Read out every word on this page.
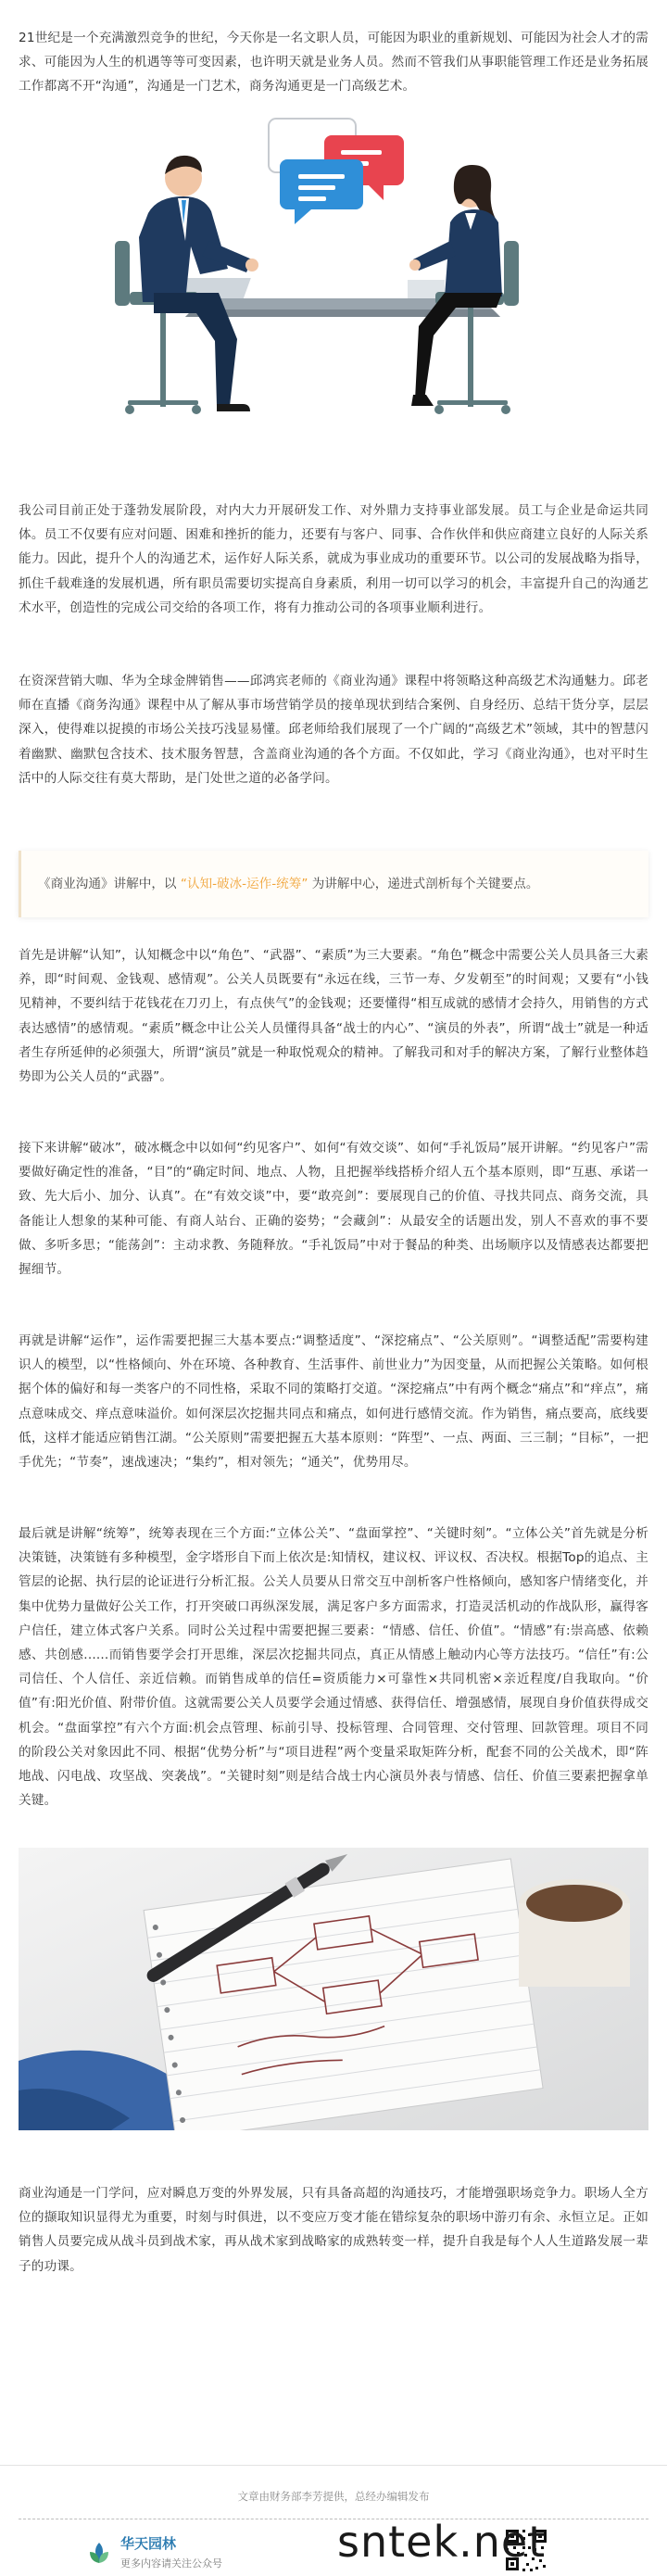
21世纪是一个充满激烈竞争的世纪，今天你是一名文职人员，可能因为职业的重新规划、可能因为社会人才的需求、可能因为人生的机遇等等可变因素，也许明天就是业务人员。然而不管我们从事职能管理工作还是业务拓展工作都离不开“沟通”，沟通是一门艺术，商务沟通更是一门高级艺术。

我公司目前正处于蓬勃发展阶段，对内大力开展研发工作、对外鼎力支持事业部发展。员工与企业是命运共同体。员工不仅要有应对问题、困难和挫折的能力，还要有与客户、同事、合作伙伴和供应商建立良好的人际关系能力。因此，提升个人的沟通艺术，运作好人际关系，就成为事业成功的重要环节。以公司的发展战略为指导，抓住千载难逢的发展机遇，所有职员需要切实提高自身素质，利用一切可以学习的机会，丰富提升自己的沟通艺术水平，创造性的完成公司交给的各项工作，将有力推动公司的各项事业顺利进行。

在资深营销大咖、华为全球金牌销售——邱鸿宾老师的《商业沟通》课程中将领略这种高级艺术沟通魅力。邱老师在直播《商务沟通》课程中从了解从事市场营销学员的接单现状到结合案例、自身经历、总结干货分享，层层深入，使得难以捉摸的市场公关技巧浅显易懂。邱老师给我们展现了一个广阔的“高级艺术”领域，其中的智慧闪着幽默、幽默包含技术、技术服务智慧，含盖商业沟通的各个方面。不仅如此，学习《商业沟通》，也对平时生活中的人际交往有莫大帮助，是门处世之道的必备学问。

《商业沟通》讲解中，以 “认知-破冰-运作-统筹” 为讲解中心，递进式剖析每个关键要点。

首先是讲解“认知”，认知概念中以“角色”、“武器”、“素质”为三大要素。“角色”概念中需要公关人员具备三大素养，即“时间观、金钱观、感情观”。公关人员既要有“永远在线，三节一寿、夕发朝至”的时间观；又要有“小钱见精神，不要纠结于花钱花在刀刃上，有点侠气”的金钱观；还要懂得“相互成就的感情才会持久，用销售的方式表达感情”的感情观。“素质”概念中让公关人员懂得具备“战士的内心”、“演员的外表”，所谓“战士”就是一种适者生存所延伸的必须强大，所谓“演员”就是一种取悦观众的精神。了解我司和对手的解决方案，了解行业整体趋势即为公关人员的“武器”。

接下来讲解“破冰”，破冰概念中以如何“约见客户”、如何“有效交谈”、如何“手礼饭局”展开讲解。“约见客户”需要做好确定性的准备，“目”的“确定时间、地点、人物，且把握举线搭桥介绍人五个基本原则，即“互惠、承诺一致、先大后小、加分、认真”。在“有效交谈”中，要“敢亮剑”：要展现自己的价值、寻找共同点、商务交流，具备能让人想象的某种可能、有商人站台、正确的姿势；“会藏剑”：从最安全的话题出发，别人不喜欢的事不要做、多听多思；“能荡剑”：主动求教、务随释放。“手礼饭局”中对于餐品的种类、出场顺序以及情感表达都要把握细节。

再就是讲解“运作”，运作需要把握三大基本要点:“调整适度”、“深挖痛点”、“公关原则”。“调整适配”需要构建识人的模型，以“性格倾向、外在环境、各种教育、生活事件、前世业力”为因变量，从而把握公关策略。如何根据个体的偏好和每一类客户的不同性格，采取不同的策略打交道。“深挖痛点”中有两个概念“痛点”和“痒点”，痛点意味成交、痒点意味溢价。如何深层次挖掘共同点和痛点，如何进行感情交流。作为销售，痛点要高，底线要低，这样才能适应销售江湖。“公关原则”需要把握五大基本原则：“阵型”、一点、两面、三三制；“目标”，一把手优先；“节奏”，速战速决；“集约”，相对领先；“通关”，优势用尽。

最后就是讲解“统筹”，统筹表现在三个方面:“立体公关”、“盘面掌控”、“关键时刻”。“立体公关”首先就是分析决策链，决策链有多种模型，金字塔形自下而上依次是:知情权，建议权、评议权、否决权。根据Top的追点、主管层的论据、执行层的论证进行分析汇报。公关人员要从日常交互中剖析客户性格倾向，感知客户情绪变化，并集中优势力量做好公关工作，打开突破口再纵深发展，满足客户多方面需求，打造灵活机动的作战队形，赢得客户信任，建立体式客户关系。同时公关过程中需要把握三要素：“情感、信任、价值”。“情感”有:崇高感、依赖感、共创感......而销售要学会打开思维，深层次挖掘共同点，真正从情感上触动内心等方法技巧。“信任”有:公司信任、个人信任、亲近信赖。而销售成单的信任=资质能力×可靠性×共同机密×亲近程度/自我取向。“价值”有:阳光价值、附带价值。这就需要公关人员要学会通过情感、获得信任、增强感情，展现自身价值获得成交机会。“盘面掌控”有六个方面:机会点管理、标前引导、投标管理、合同管理、交付管理、回款管理。项目不同的阶段公关对象因此不同、根据“优势分析”与“项目进程”两个变量采取矩阵分析，配套不同的公关战术，即“阵地战、闪电战、攻坚战、突袭战”。“关键时刻”则是结合战士内心演员外表与情感、信任、价值三要素把握拿单关键。

商业沟通是一门学问，应对瞬息万变的外界发展，只有具备高超的沟通技巧，才能增强职场竞争力。职场人全方位的撷取知识显得尤为重要，时刻与时俱进，以不变应万变才能在错综复杂的职场中游刃有余、永恒立足。正如销售人员要完成从战斗员到战术家，再从战术家到战略家的成熟转变一样，提升自我是每个人人生道路发展一辈子的功课。

文章由财务部李芳提供，总经办编辑发布
华天园林
更多内容请关注公众号	sntek.net
